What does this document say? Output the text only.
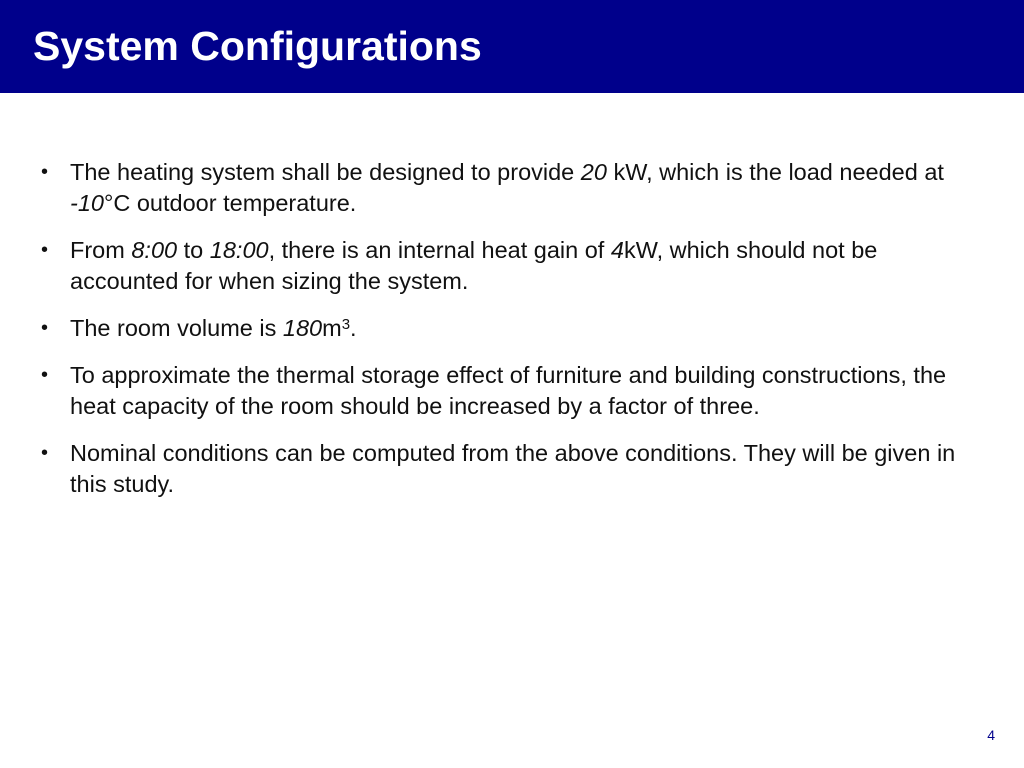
System Configurations
• The heating system shall be designed to provide 20 kW, which is the load needed at -10°C outdoor temperature.
• From 8:00 to 18:00, there is an internal heat gain of 4kW, which should not be accounted for when sizing the system.
• The room volume is $180m^3$.
• To approximate the thermal storage effect of furniture and building constructions, the heat capacity of the room should be increased by a factor of three.
• Nominal conditions can be computed from the above conditions. They will be given in this study.
4
